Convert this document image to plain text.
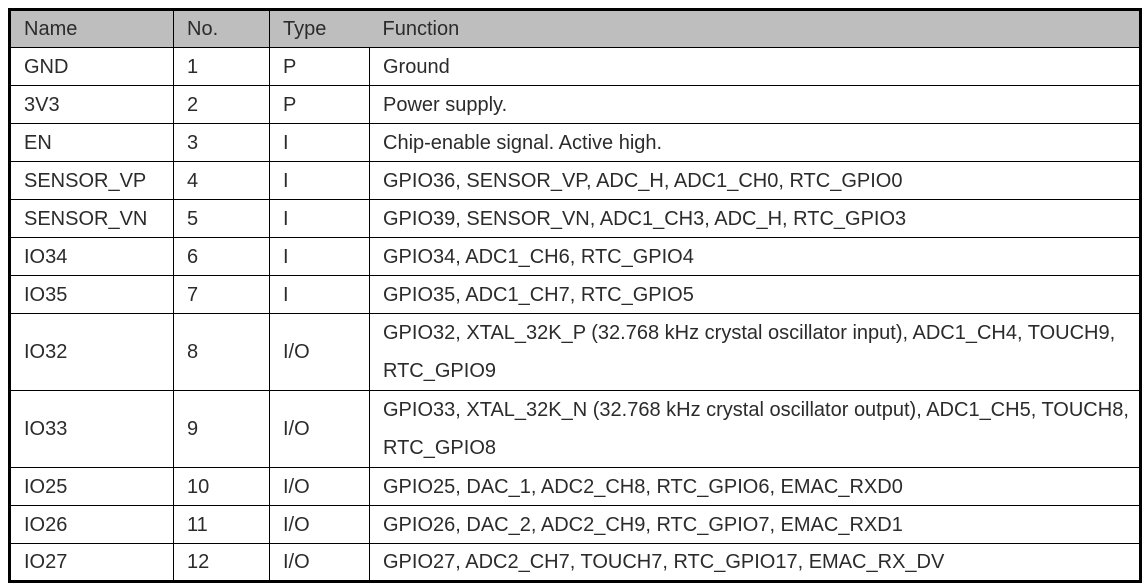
Name	No.	Type	Function
GND	1	P	Ground
3V3	2	P	Power supply.
EN	3	I	Chip-enable signal. Active high.
SENSOR_VP	4	I	GPIO36, SENSOR_VP, ADC_H, ADC1_CH0, RTC_GPIO0
SENSOR_VN	5	I	GPIO39, SENSOR_VN, ADC1_CH3, ADC_H, RTC_GPIO3
IO34	6	I	GPIO34, ADC1_CH6, RTC_GPIO4
IO35	7	I	GPIO35, ADC1_CH7, RTC_GPIO5
IO32	8	I/O	GPIO32, XTAL_32K_P (32.768 kHz crystal oscillator input), ADC1_CH4, TOUCH9, RTC_GPIO9
IO33	9	I/O	GPIO33, XTAL_32K_N (32.768 kHz crystal oscillator output), ADC1_CH5, TOUCH8, RTC_GPIO8
IO25	10	I/O	GPIO25, DAC_1, ADC2_CH8, RTC_GPIO6, EMAC_RXD0
IO26	11	I/O	GPIO26, DAC_2, ADC2_CH9, RTC_GPIO7, EMAC_RXD1
IO27	12	I/O	GPIO27, ADC2_CH7, TOUCH7, RTC_GPIO17, EMAC_RX_DV
